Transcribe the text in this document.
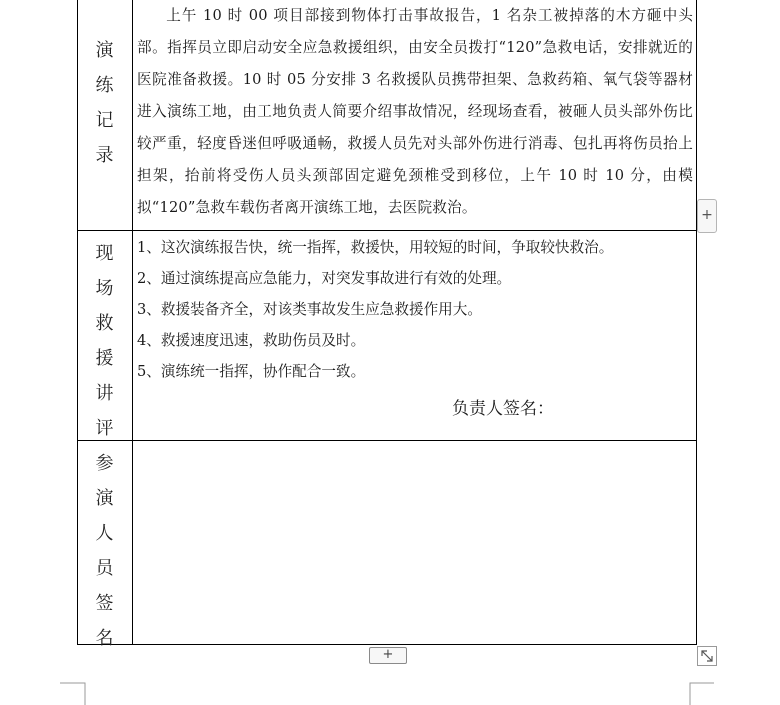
演
练
记
录
现
场
救
援
讲
评
参
演
人
员
签
名

上午 10 时 00 项目部接到物体打击事故报告，1 名杂工被掉落的木方砸中头部。指挥员立即启动安全应急救援组织，由安全员拨打“120”急救电话，安排就近的医院准备救援。10 时 05 分安排 3 名救援队员携带担架、急救药箱、氧气袋等器材进入演练工地，由工地负责人简要介绍事故情况，经现场查看，被砸人员头部外伤比较严重，轻度昏迷但呼吸通畅，救援人员先对头部外伤进行消毒、包扎再将伤员抬上担架，抬前将受伤人员头颈部固定避免颈椎受到移位，上午 10 时 10 分，由模拟“120”急救车载伤者离开演练工地，去医院救治。

1、这次演练报告快，统一指挥，救援快，用较短的时间，争取较快救治。
2、通过演练提高应急能力，对突发事故进行有效的处理。
3、救援装备齐全，对该类事故发生应急救援作用大。
4、救援速度迅速，救助伤员及时。
5、演练统一指挥，协作配合一致。
负责人签名：
+
+
